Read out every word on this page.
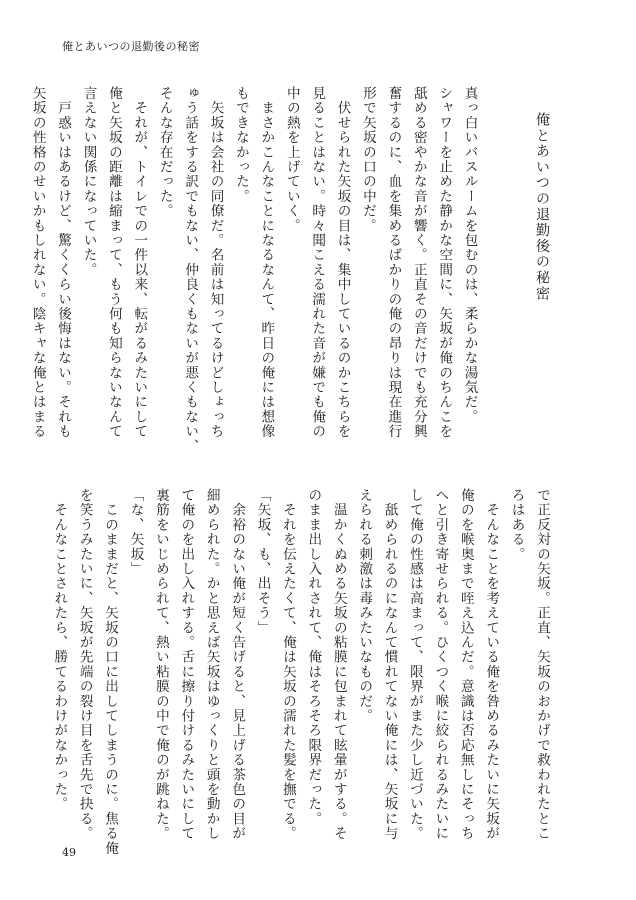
俺とあいつの退勤後の秘密
俺とあいつの退勤後の秘密
真っ白いバスルームを包むのは、柔らかな湯気だ。
シャワーを止めた静かな空間に、矢坂が俺のちんこを
舐める密やかな音が響く。正直その音だけでも充分興
奮するのに、血を集めるばかりの俺の昂りは現在進行
形で矢坂の口の中だ。
　伏せられた矢坂の目は、集中しているのかこちらを
見ることはない。時々聞こえる濡れた音が嫌でも俺の
中の熱を上げていく。
　まさかこんなことになるなんて、昨日の俺には想像
もできなかった。
　矢坂は会社の同僚だ。名前は知ってるけどしょっち
ゅう話をする訳でもない、仲良くもないが悪くもない、
そんな存在だった。
　それが、トイレでの一件以来、転がるみたいにして
俺と矢坂の距離は縮まって、もう何も知らないなんて
言えない関係になっていた。
　戸惑いはあるけど、驚くくらい後悔はない。それも
矢坂の性格のせいかもしれない。陰キャな俺とはまる
で正反対の矢坂。正直、矢坂のおかげで救われたとこ
ろはある。
　そんなことを考えている俺を咎めるみたいに矢坂が
俺のを喉奥まで咥え込んだ。意識は否応無しにそっち
へと引き寄せられる。ひくつく喉に絞られるみたいに
して俺の性感は高まって、限界がまた少し近づいた。
　舐められるのになんて慣れてない俺には、矢坂に与
えられる刺激は毒みたいなものだ。
　温かくぬめる矢坂の粘膜に包まれて眩暈がする。そ
のまま出し入れされて、俺はそろそろ限界だった。
　それを伝えたくて、俺は矢坂の濡れた髪を撫でる。
「矢坂、も、出そう」
　余裕のない俺が短く告げると、見上げる茶色の目が
細められた。かと思えば矢坂はゆっくりと頭を動かし
て俺のを出し入れする。舌に擦り付けるみたいにして
裏筋をいじめられて、熱い粘膜の中で俺のが跳ねた。
「な、矢坂」
　このままだと、矢坂の口に出してしまうのに。焦る俺
を笑うみたいに、矢坂が先端の裂け目を舌先で抉る。
　そんなことされたら、勝てるわけがなかった。
49
